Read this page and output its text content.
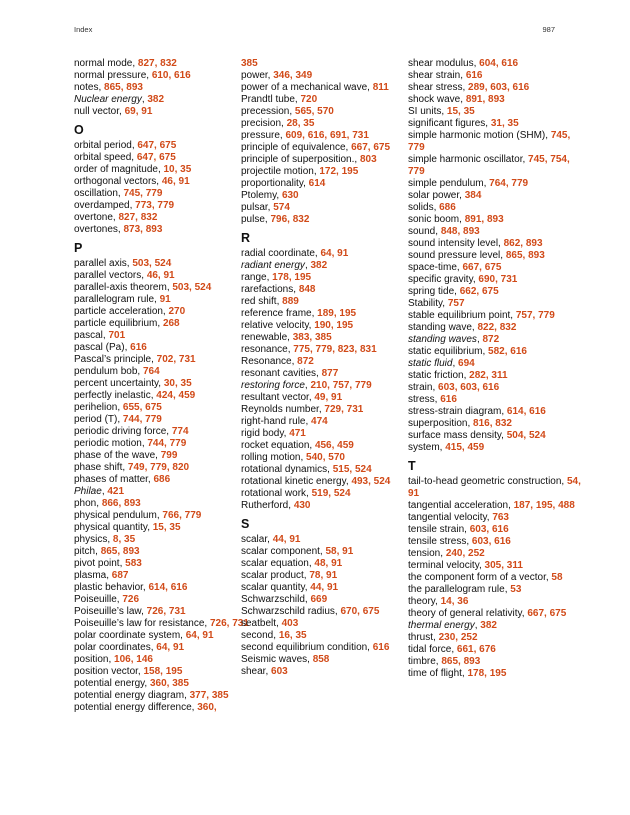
Index	987
normal mode, 827, 832
normal pressure, 610, 616
notes, 865, 893
Nuclear energy, 382
null vector, 69, 91
O
orbital period, 647, 675
orbital speed, 647, 675
order of magnitude, 10, 35
orthogonal vectors, 46, 91
oscillation, 745, 779
overdamped, 773, 779
overtone, 827, 832
overtones, 873, 893
P
parallel axis, 503, 524
parallel vectors, 46, 91
parallel-axis theorem, 503, 524
parallelogram rule, 91
particle acceleration, 270
particle equilibrium, 268
pascal, 701
pascal (Pa), 616
Pascal’s principle, 702, 731
pendulum bob, 764
percent uncertainty, 30, 35
perfectly inelastic, 424, 459
perihelion, 655, 675
period (T), 744, 779
periodic driving force, 774
periodic motion, 744, 779
phase of the wave, 799
phase shift, 749, 779, 820
phases of matter, 686
Philae, 421
phon, 866, 893
physical pendulum, 766, 779
physical quantity, 15, 35
physics, 8, 35
pitch, 865, 893
pivot point, 583
plasma, 687
plastic behavior, 614, 616
Poiseuille, 726
Poiseuille’s law, 726, 731
Poiseuille’s law for resistance, 726, 731
polar coordinate system, 64, 91
polar coordinates, 64, 91
position, 106, 146
position vector, 158, 195
potential energy, 360, 385
potential energy diagram, 377, 385
potential energy difference, 360,
385
power, 346, 349
power of a mechanical wave, 811
Prandtl tube, 720
precession, 565, 570
precision, 28, 35
pressure, 609, 616, 691, 731
principle of equivalence, 667, 675
principle of superposition., 803
projectile motion, 172, 195
proportionality, 614
Ptolemy, 630
pulsar, 574
pulse, 796, 832
R
radial coordinate, 64, 91
radiant energy, 382
range, 178, 195
rarefactions, 848
red shift, 889
reference frame, 189, 195
relative velocity, 190, 195
renewable, 383, 385
resonance, 775, 779, 823, 831
Resonance, 872
resonant cavities, 877
restoring force, 210, 757, 779
resultant vector, 49, 91
Reynolds number, 729, 731
right-hand rule, 474
rigid body, 471
rocket equation, 456, 459
rolling motion, 540, 570
rotational dynamics, 515, 524
rotational kinetic energy, 493, 524
rotational work, 519, 524
Rutherford, 430
S
scalar, 44, 91
scalar component, 58, 91
scalar equation, 48, 91
scalar product, 78, 91
scalar quantity, 44, 91
Schwarzschild, 669
Schwarzschild radius, 670, 675
seatbelt, 403
second, 16, 35
second equilibrium condition, 616
Seismic waves, 858
shear, 603
shear modulus, 604, 616
shear strain, 616
shear stress, 289, 603, 616
shock wave, 891, 893
SI units, 15, 35
significant figures, 31, 35
simple harmonic motion (SHM), 745, 779
simple harmonic oscillator, 745, 754, 779
simple pendulum, 764, 779
solar power, 384
solids, 686
sonic boom, 891, 893
sound, 848, 893
sound intensity level, 862, 893
sound pressure level, 865, 893
space-time, 667, 675
specific gravity, 690, 731
spring tide, 662, 675
Stability, 757
stable equilibrium point, 757, 779
standing wave, 822, 832
standing waves, 872
static equilibrium, 582, 616
static fluid, 694
static friction, 282, 311
strain, 603, 603, 616
stress, 616
stress-strain diagram, 614, 616
superposition, 816, 832
surface mass density, 504, 524
system, 415, 459
T
tail-to-head geometric construction, 54, 91
tangential acceleration, 187, 195, 488
tangential velocity, 763
tensile strain, 603, 616
tensile stress, 603, 616
tension, 240, 252
terminal velocity, 305, 311
the component form of a vector, 58
the parallelogram rule, 53
theory, 14, 36
theory of general relativity, 667, 675
thermal energy, 382
thrust, 230, 252
tidal force, 661, 676
timbre, 865, 893
time of flight, 178, 195
